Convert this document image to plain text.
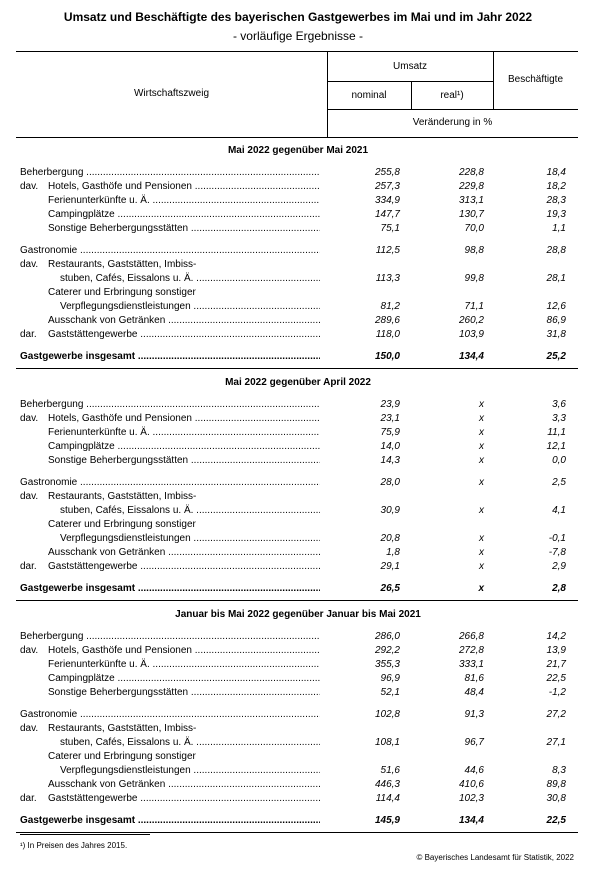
Umsatz und Beschäftigte des bayerischen Gastgewerbes im Mai und im Jahr 2022
- vorläufige Ergebnisse -
Wirtschaftszweig
Umsatz
nominal	real¹)
Beschäftigte
Veränderung in %
Mai 2022 gegenüber Mai 2021
Beherbergung .....	255,8	228,8	18,4
dav. Hotels, Gasthöfe und Pensionen .....	257,3	229,8	18,2
Ferienunterkünfte u. Ä. .....	334,9	313,1	28,3
Campingplätze .....	147,7	130,7	19,3
Sonstige Beherbergungsstätten .....	75,1	70,0	1,1
Gastronomie .....	112,5	98,8	28,8
dav. Restaurants, Gaststätten, Imbiss-
stuben, Cafés, Eissalons u. Ä. .....	113,3	99,8	28,1
Caterer und Erbringung sonstiger
Verpflegungsdienstleistungen .....	81,2	71,1	12,6
Ausschank von Getränken .....	289,6	260,2	86,9
dar. Gaststättengewerbe .....	118,0	103,9	31,8
Gastgewerbe insgesamt .....	150,0	134,4	25,2
Mai 2022 gegenüber April 2022
Beherbergung .....	23,9	x	3,6
dav. Hotels, Gasthöfe und Pensionen .....	23,1	x	3,3
Ferienunterkünfte u. Ä. .....	75,9	x	11,1
Campingplätze .....	14,0	x	12,1
Sonstige Beherbergungsstätten .....	14,3	x	0,0
Gastronomie .....	28,0	x	2,5
dav. Restaurants, Gaststätten, Imbiss-
stuben, Cafés, Eissalons u. Ä. .....	30,9	x	4,1
Caterer und Erbringung sonstiger
Verpflegungsdienstleistungen .....	20,8	x	-0,1
Ausschank von Getränken .....	1,8	x	-7,8
dar. Gaststättengewerbe .....	29,1	x	2,9
Gastgewerbe insgesamt .....	26,5	x	2,8
Januar bis Mai 2022 gegenüber Januar bis Mai 2021
Beherbergung .....	286,0	266,8	14,2
dav. Hotels, Gasthöfe und Pensionen .....	292,2	272,8	13,9
Ferienunterkünfte u. Ä. .....	355,3	333,1	21,7
Campingplätze .....	96,9	81,6	22,5
Sonstige Beherbergungsstätten .....	52,1	48,4	-1,2
Gastronomie .....	102,8	91,3	27,2
dav. Restaurants, Gaststätten, Imbiss-
stuben, Cafés, Eissalons u. Ä. .....	108,1	96,7	27,1
Caterer und Erbringung sonstiger
Verpflegungsdienstleistungen .....	51,6	44,6	8,3
Ausschank von Getränken .....	446,3	410,6	89,8
dar. Gaststättengewerbe .....	114,4	102,3	30,8
Gastgewerbe insgesamt .....	145,9	134,4	22,5
¹) In Preisen des Jahres 2015.
© Bayerisches Landesamt für Statistik, 2022
